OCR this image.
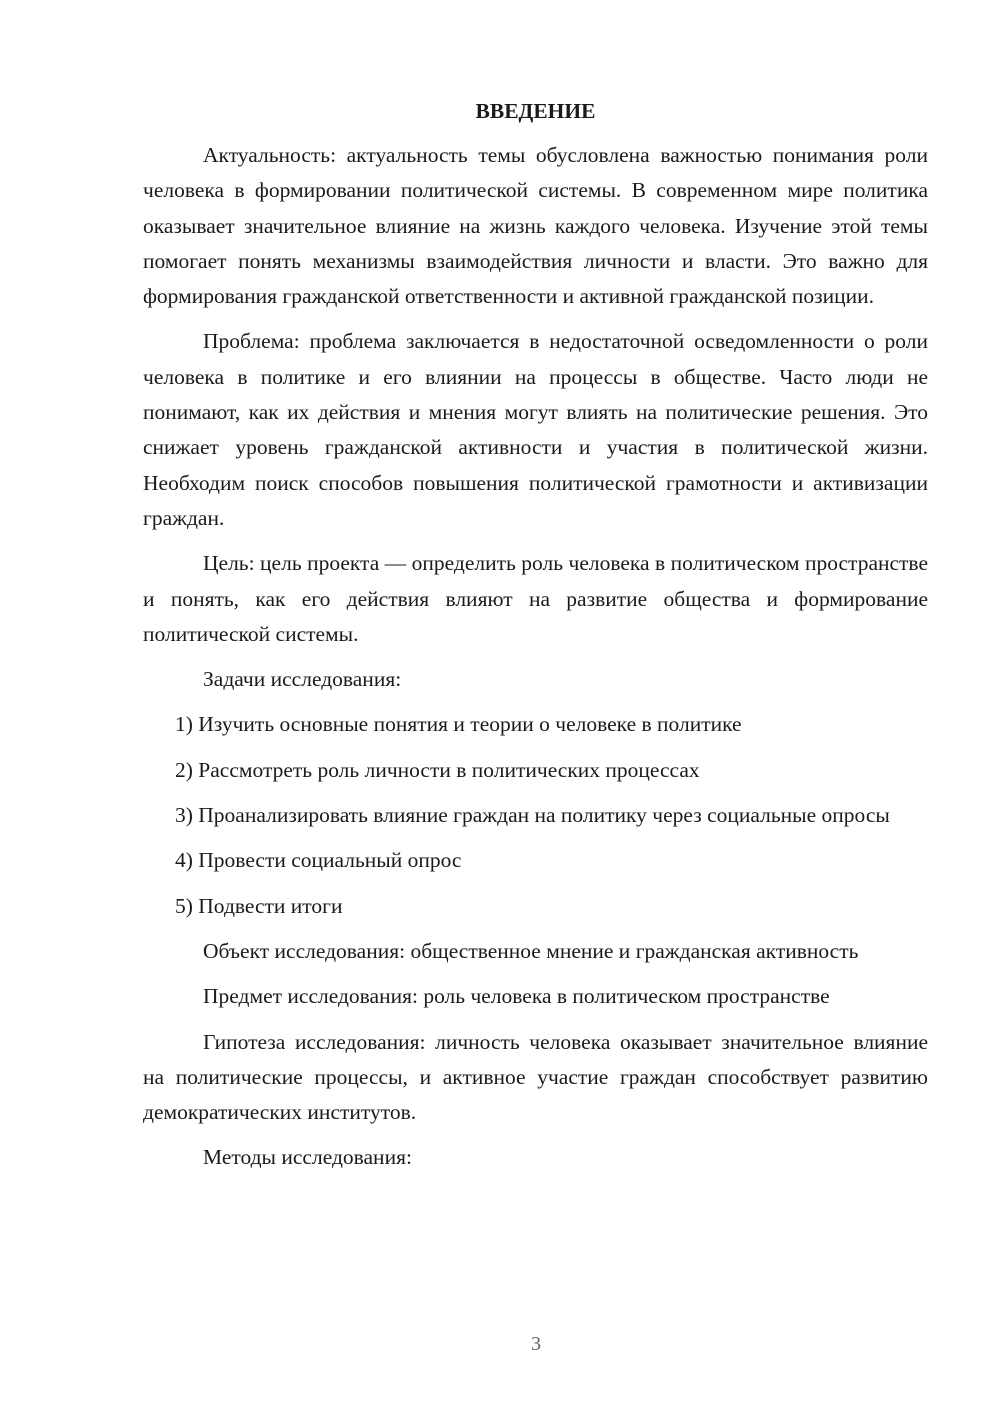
ВВЕДЕНИЕ

Актуальность: актуальность темы обусловлена важностью понимания роли человека в формировании политической системы. В современном мире политика оказывает значительное влияние на жизнь каждого человека. Изучение этой темы помогает понять механизмы взаимодействия личности и власти. Это важно для формирования гражданской ответственности и активной гражданской позиции.

Проблема: проблема заключается в недостаточной осведомленности о роли человека в политике и его влиянии на процессы в обществе. Часто люди не понимают, как их действия и мнения могут влиять на политические решения. Это снижает уровень гражданской активности и участия в политической жизни. Необходим поиск способов повышения политической грамотности и активизации граждан.

Цель: цель проекта — определить роль человека в политическом пространстве и понять, как его действия влияют на развитие общества и формирование политической системы.

Задачи исследования:

1) Изучить основные понятия и теории о человеке в политике

2) Рассмотреть роль личности в политических процессах

3) Проанализировать влияние граждан на политику через социальные опросы

4) Провести социальный опрос

5) Подвести итоги

Объект исследования: общественное мнение и гражданская активность

Предмет исследования: роль человека в политическом пространстве

Гипотеза исследования: личность человека оказывает значительное влияние на политические процессы, и активное участие граждан способствует развитию демократических институтов.

Методы исследования:

3
